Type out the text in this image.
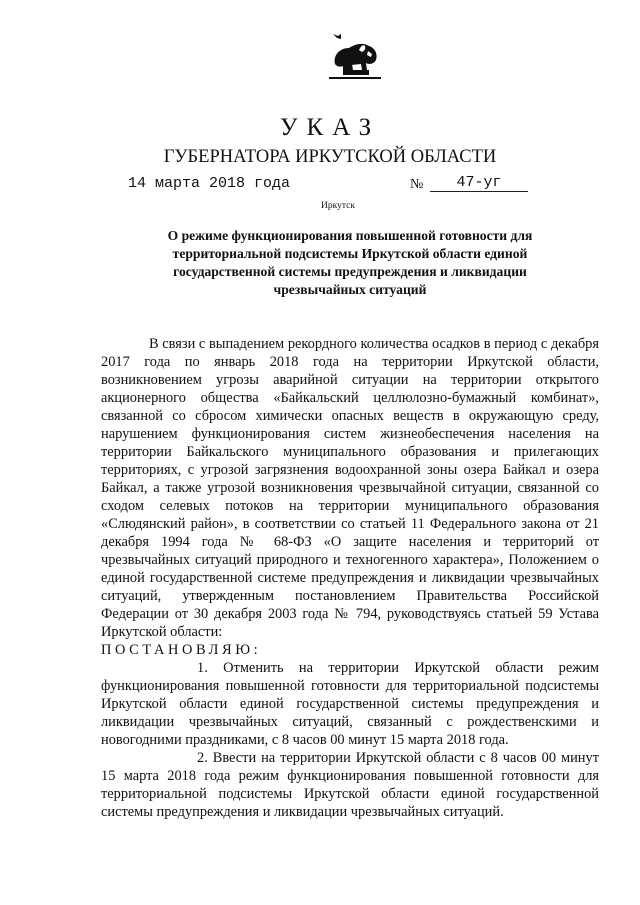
УКАЗ
ГУБЕРНАТОРА ИРКУТСКОЙ ОБЛАСТИ
14 марта 2018 года	№	47-уг
Иркутск
О режиме функционирования повышенной готовности для
территориальной подсистемы Иркутской области единой
государственной системы предупреждения и ликвидации
чрезвычайных ситуаций

В связи с выпадением рекордного количества осадков в период с декабря 2017 года по январь 2018 года на территории Иркутской области, возникновением угрозы аварийной ситуации на территории открытого акционерного общества «Байкальский целлюлозно-бумажный комбинат», связанной со сбросом химически опасных веществ в окружающую среду, нарушением функционирования систем жизнеобеспечения населения на территории Байкальского муниципального образования и прилегающих территориях, с угрозой загрязнения водоохранной зоны озера Байкал и озера Байкал, а также угрозой возникновения чрезвычайной ситуации, связанной со сходом селевых потоков на территории муниципального образования «Слюдянский район», в соответствии со статьей 11 Федерального закона от 21 декабря 1994 года № 68-ФЗ «О защите населения и территорий от чрезвычайных ситуаций природного и техногенного характера», Положением о единой государственной системе предупреждения и ликвидации чрезвычайных ситуаций, утвержденным постановлением Правительства Российской Федерации от 30 декабря 2003 года № 794, руководствуясь статьей 59 Устава Иркутской области:

ПОСТАНОВЛЯЮ:

1. Отменить на территории Иркутской области режим функционирования повышенной готовности для территориальной подсистемы Иркутской области единой государственной системы предупреждения и ликвидации чрезвычайных ситуаций, связанный с рождественскими и новогодними праздниками, с 8 часов 00 минут 15 марта 2018 года.

2. Ввести на территории Иркутской области с 8 часов 00 минут 15 марта 2018 года режим функционирования повышенной готовности для территориальной подсистемы Иркутской области единой государственной системы предупреждения и ликвидации чрезвычайных ситуаций.
